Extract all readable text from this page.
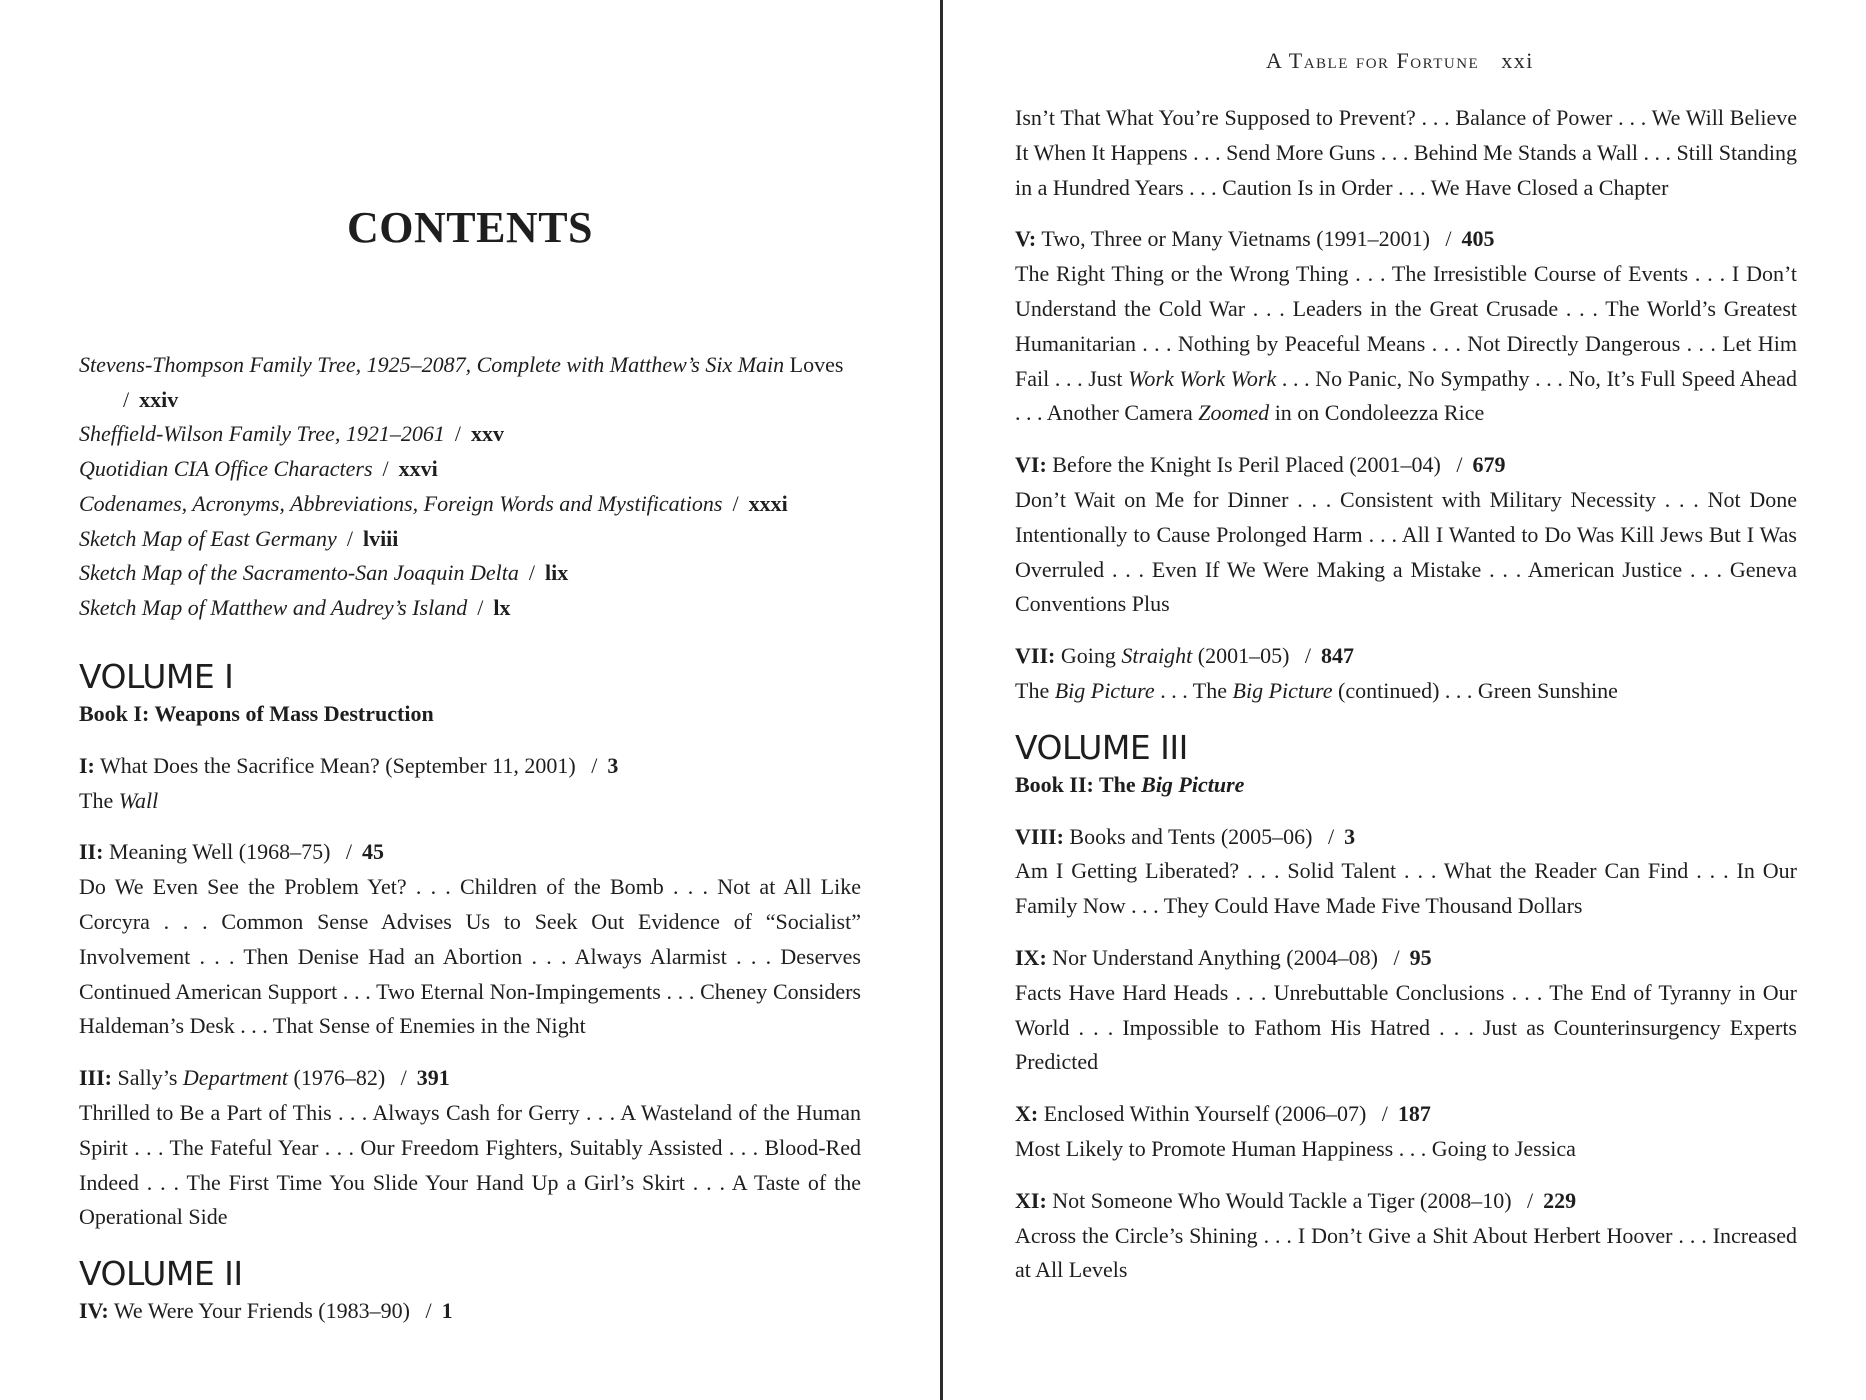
CONTENTS
Stevens-Thompson Family Tree, 1925–2087, Complete with Matthew’s Six Main Loves / xxiv
Sheffield-Wilson Family Tree, 1921–2061 / xxv
Quotidian CIA Office Characters / xxvi
Codenames, Acronyms, Abbreviations, Foreign Words and Mystifications / xxxi
Sketch Map of East Germany / lviii
Sketch Map of the Sacramento-San Joaquin Delta / lix
Sketch Map of Matthew and Audrey’s Island / lx
VOLUME I
Book I: Weapons of Mass Destruction
I: What Does the Sacrifice Mean? (September 11, 2001) / 3
The Wall
II: Meaning Well (1968–75) / 45
Do We Even See the Problem Yet? . . . Children of the Bomb . . . Not at All Like Corcyra . . . Common Sense Advises Us to Seek Out Evidence of “Socialist” Involvement . . . Then Denise Had an Abortion . . . Always Alarmist . . . Deserves Continued American Support . . . Two Eternal Non-Impingements . . . Cheney Considers Haldeman’s Desk . . . That Sense of Enemies in the Night
III: Sally’s Department (1976–82) / 391
Thrilled to Be a Part of This . . . Always Cash for Gerry . . . A Wasteland of the Human Spirit . . . The Fateful Year . . . Our Freedom Fighters, Suitably Assisted . . . Blood-Red Indeed . . . The First Time You Slide Your Hand Up a Girl’s Skirt . . . A Taste of the Operational Side
VOLUME II
IV: We Were Your Friends (1983–90) / 1
A Table for Fortune xxi
Isn’t That What You’re Supposed to Prevent? . . . Balance of Power . . . We Will Believe It When It Happens . . . Send More Guns . . . Behind Me Stands a Wall . . . Still Standing in a Hundred Years . . . Caution Is in Order . . . We Have Closed a Chapter
V: Two, Three or Many Vietnams (1991–2001) / 405
The Right Thing or the Wrong Thing . . . The Irresistible Course of Events . . . I Don’t Understand the Cold War . . . Leaders in the Great Crusade . . . The World’s Greatest Humanitarian . . . Nothing by Peaceful Means . . . Not Directly Dangerous . . . Let Him Fail . . . Just Work Work Work . . . No Panic, No Sympathy . . . No, It’s Full Speed Ahead . . . Another Camera Zoomed in on Condoleezza Rice
VI: Before the Knight Is Peril Placed (2001–04) / 679
Don’t Wait on Me for Dinner . . . Consistent with Military Necessity . . . Not Done Intentionally to Cause Prolonged Harm . . . All I Wanted to Do Was Kill Jews But I Was Overruled . . . Even If We Were Making a Mistake . . . American Justice . . . Geneva Conventions Plus
VII: Going Straight (2001–05) / 847
The Big Picture . . . The Big Picture (continued) . . . Green Sunshine
VOLUME III
Book II: The Big Picture
VIII: Books and Tents (2005–06) / 3
Am I Getting Liberated? . . . Solid Talent . . . What the Reader Can Find . . . In Our Family Now . . . They Could Have Made Five Thousand Dollars
IX: Nor Understand Anything (2004–08) / 95
Facts Have Hard Heads . . . Unrebuttable Conclusions . . . The End of Tyranny in Our World . . . Impossible to Fathom His Hatred . . . Just as Counterinsurgency Experts Predicted
X: Enclosed Within Yourself (2006–07) / 187
Most Likely to Promote Human Happiness . . . Going to Jessica
XI: Not Someone Who Would Tackle a Tiger (2008–10) / 229
Across the Circle’s Shining . . . I Don’t Give a Shit About Herbert Hoover . . . Increased at All Levels
